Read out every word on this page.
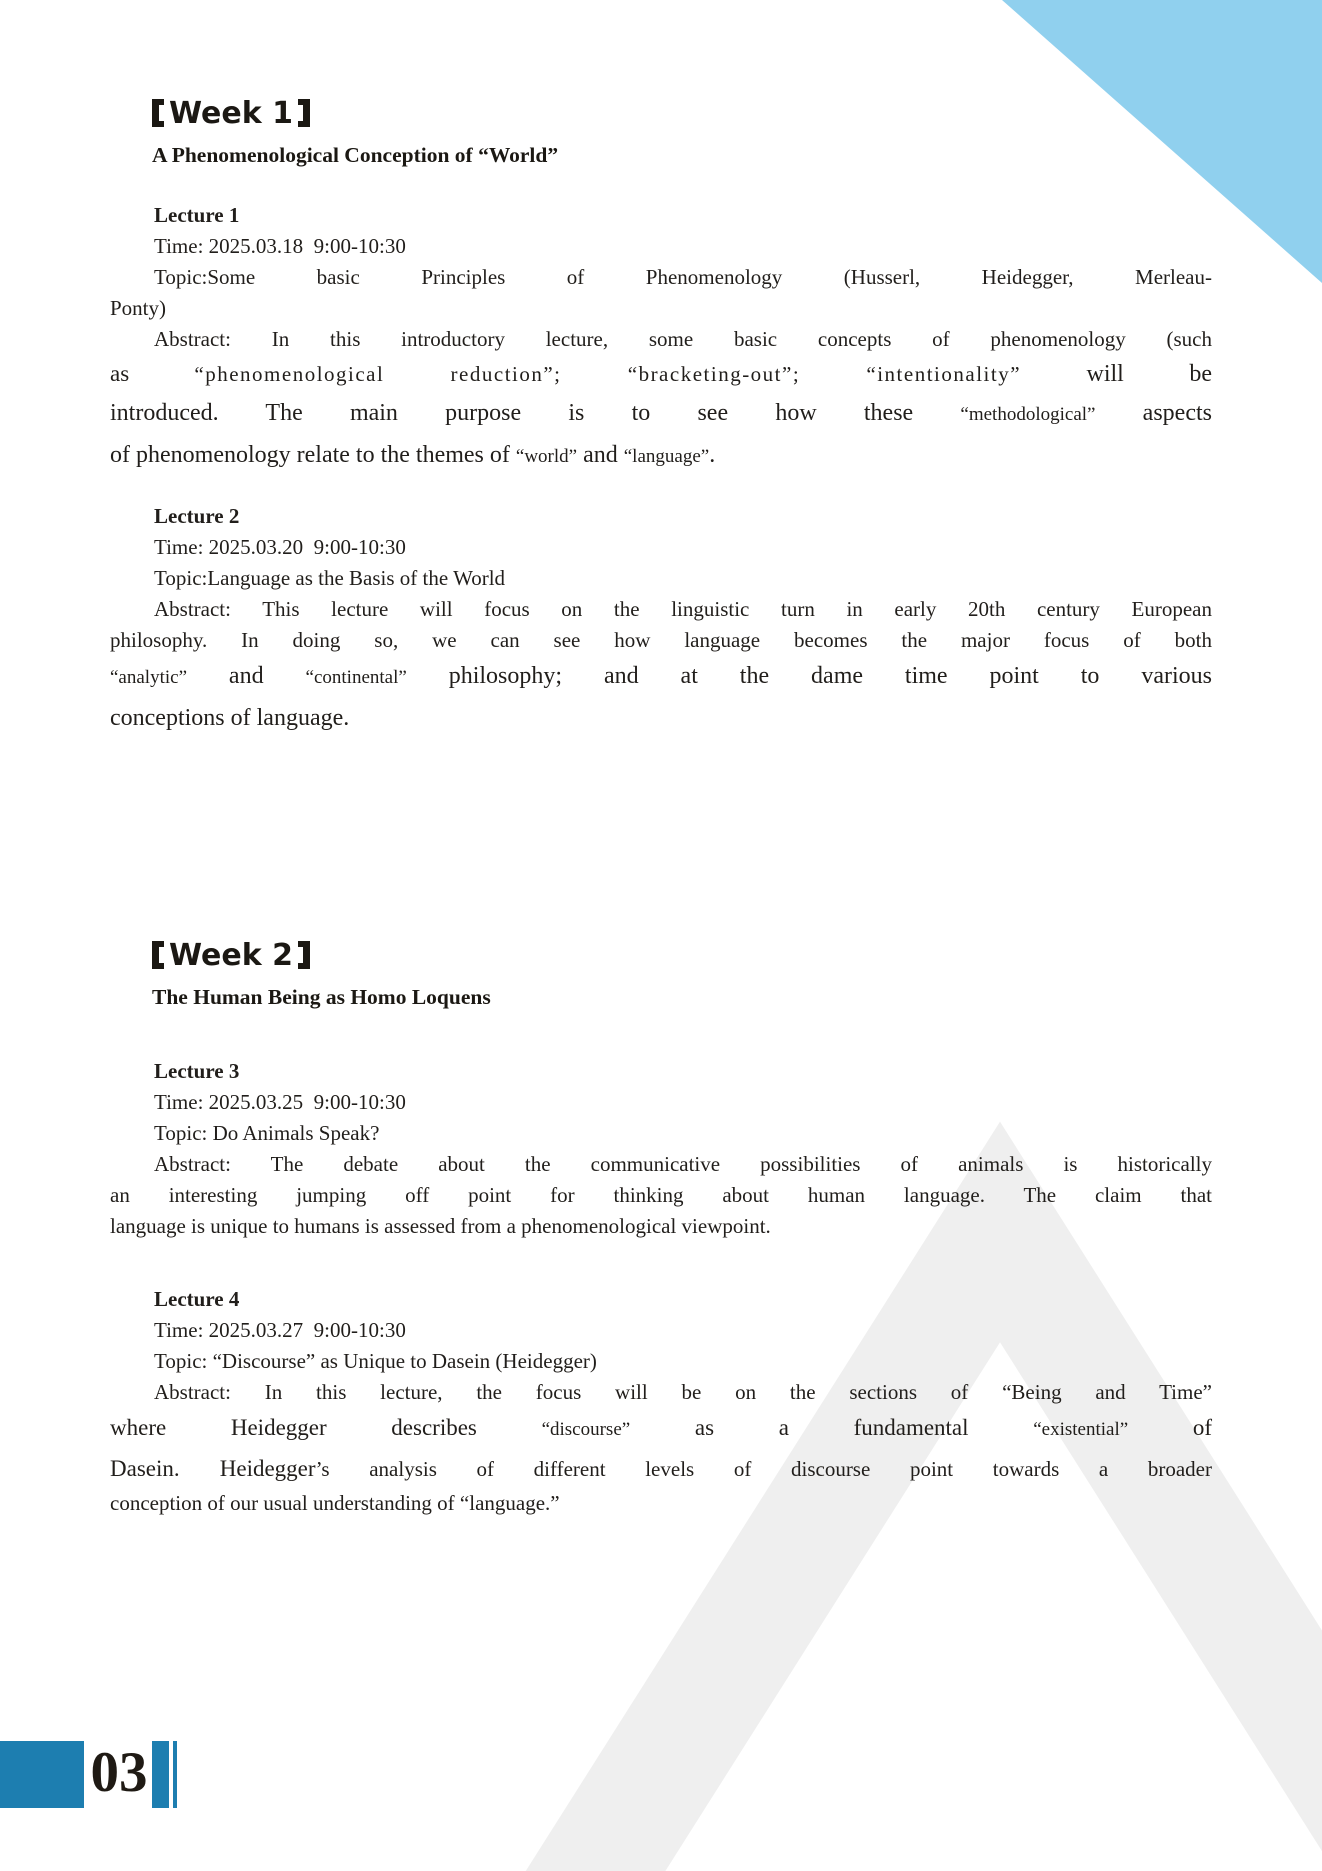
Week 1
A Phenomenological Conception of “World”
Lecture 1
Time: 2025.03.18 9:00-10:30
Topic:Some basic Principles of Phenomenology (Husserl, Heidegger, Merleau-
Ponty)
Abstract: In this introductory lecture, some basic concepts of phenomenology (such
as “phenomenological reduction”; “bracketing-out”; “intentionality” will be
introduced. The main purpose is to see how these “methodological” aspects
of phenomenology relate to the themes of “world” and “language”.
Lecture 2
Time: 2025.03.20 9:00-10:30
Topic:Language as the Basis of the World
Abstract: This lecture will focus on the linguistic turn in early 20th century European
philosophy. In doing so, we can see how language becomes the major focus of both
“analytic” and “continental” philosophy; and at the dame time point to various
conceptions of language.
Week 2
The Human Being as Homo Loquens
Lecture 3
Time: 2025.03.25 9:00-10:30
Topic: Do Animals Speak?
Abstract: The debate about the communicative possibilities of animals is historically
an interesting jumping off point for thinking about human language. The claim that
language is unique to humans is assessed from a phenomenological viewpoint.
Lecture 4
Time: 2025.03.27 9:00-10:30
Topic: “Discourse” as Unique to Dasein (Heidegger)
Abstract: In this lecture, the focus will be on the sections of “Being and Time”
where Heidegger describes “discourse” as a fundamental “existential” of
Dasein. Heidegger’s analysis of different levels of discourse point towards a broader
conception of our usual understanding of “language.”
03
